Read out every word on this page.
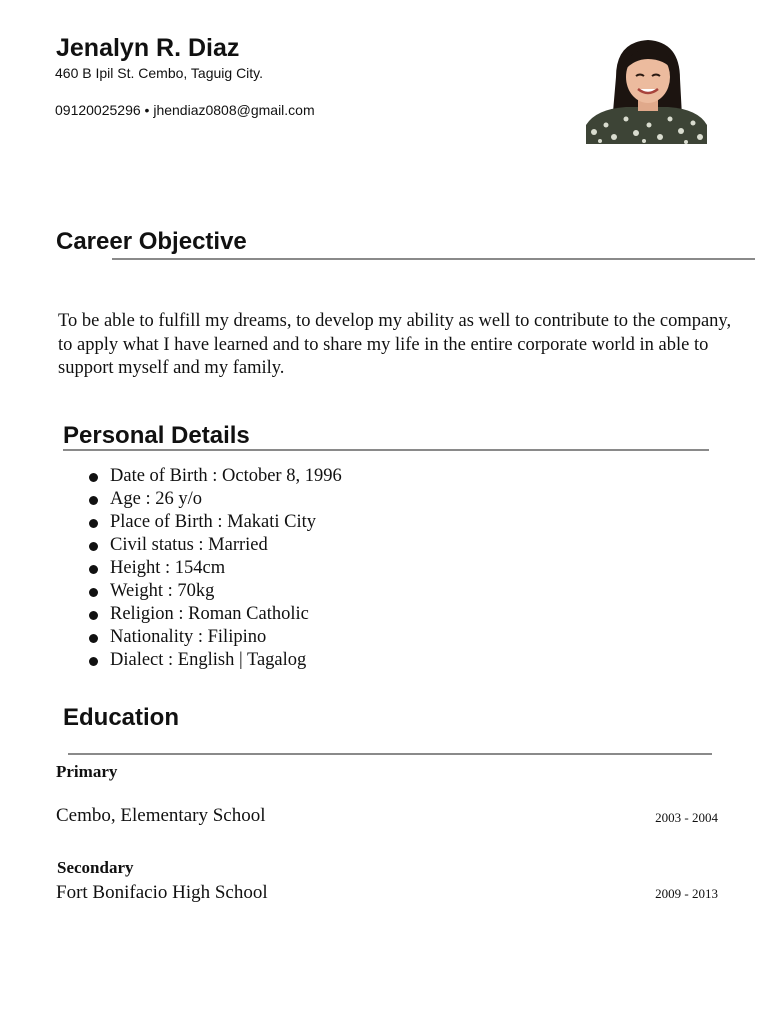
Jenalyn R. Diaz
460 B Ipil St. Cembo, Taguig City.
09120025296 • jhendiaz0808@gmail.com
Career Objective

To be able to fulfill my dreams, to develop my ability as well to contribute to the company, to apply what I have learned and to share my life in the entire corporate world in able to support myself and my family.

Personal Details
Date of Birth : October 8, 1996
Age : 26 y/o
Place of Birth : Makati City
Civil status : Married
Height : 154cm
Weight : 70kg
Religion : Roman Catholic
Nationality : Filipino
Dialect : English | Tagalog
Education
Primary
Cembo, Elementary School	2003 - 2004
Secondary
Fort Bonifacio High School	2009 - 2013
